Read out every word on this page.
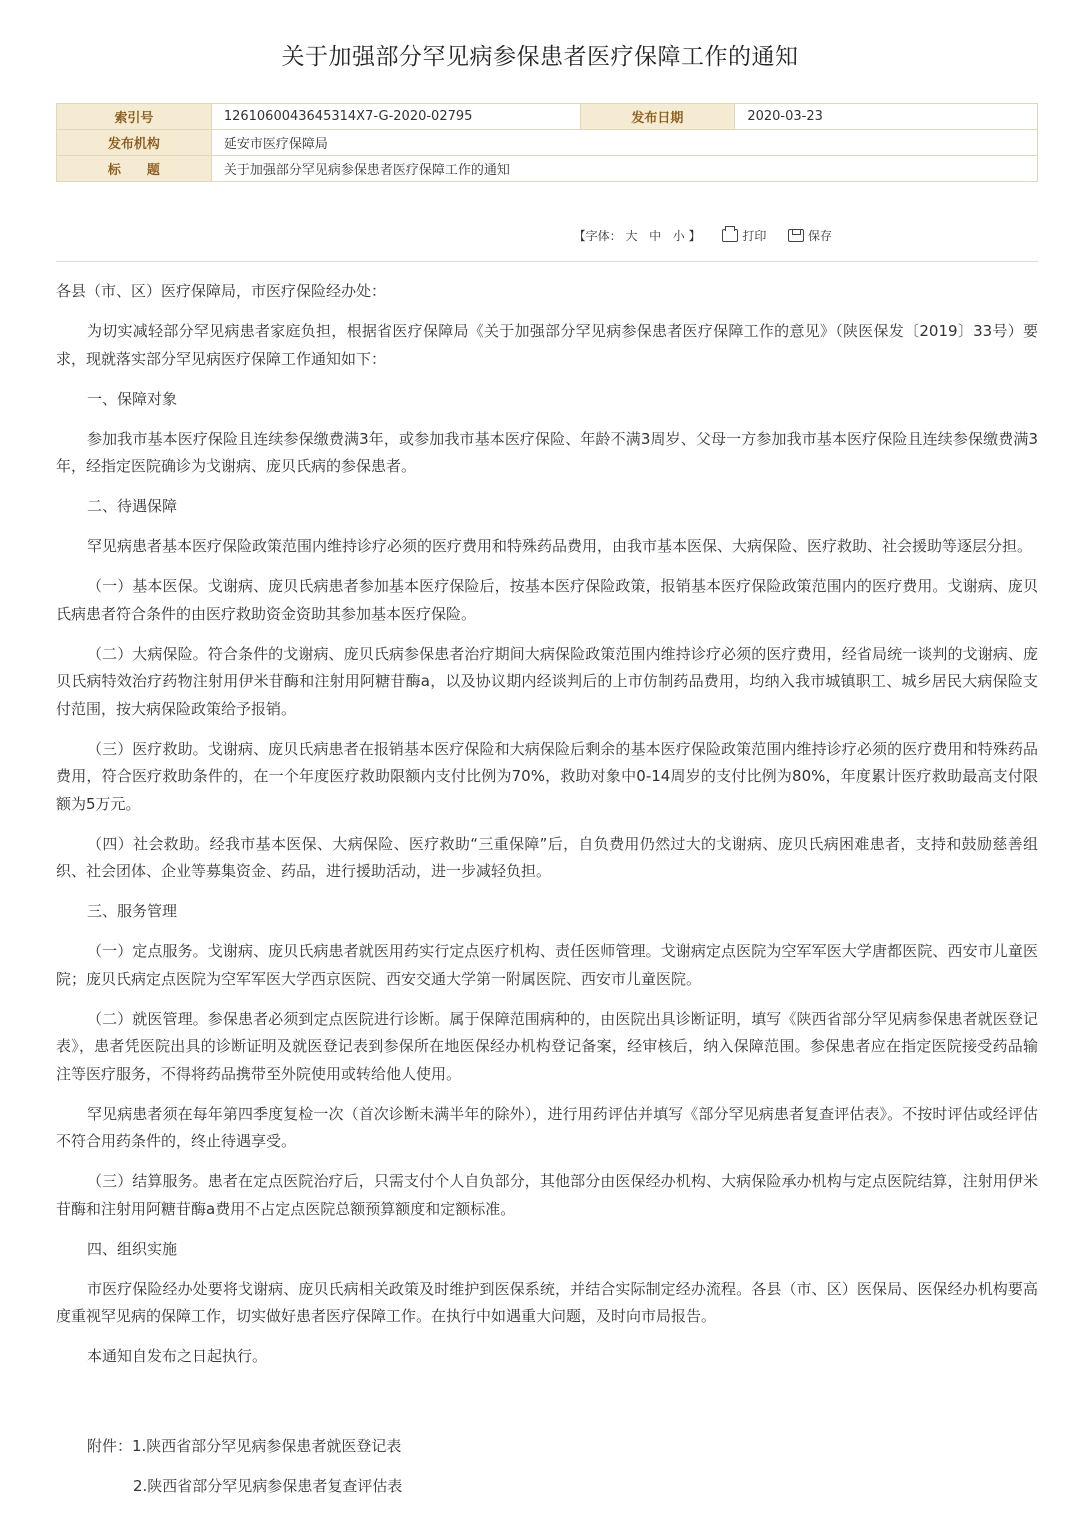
关于加强部分罕见病参保患者医疗保障工作的通知
索引号	1261060043645314X7-G-2020-02795	发布日期	2020-03-23
发布机构	延安市医疗保障局		
标　　题	关于加强部分罕见病参保患者医疗保障工作的通知		
【字体： 大 中 小 】	打印	保存

各县（市、区）医疗保障局，市医疗保险经办处：

为切实减轻部分罕见病患者家庭负担，根据省医疗保障局《关于加强部分罕见病参保患者医疗保障工作的意见》（陕医保发〔2019〕33号）要求，现就落实部分罕见病医疗保障工作通知如下：

一、保障对象

参加我市基本医疗保险且连续参保缴费满3年，或参加我市基本医疗保险、年龄不满3周岁、父母一方参加我市基本医疗保险且连续参保缴费满3年，经指定医院确诊为戈谢病、庞贝氏病的参保患者。

二、待遇保障

罕见病患者基本医疗保险政策范围内维持诊疗必须的医疗费用和特殊药品费用，由我市基本医保、大病保险、医疗救助、社会援助等逐层分担。

（一）基本医保。戈谢病、庞贝氏病患者参加基本医疗保险后，按基本医疗保险政策，报销基本医疗保险政策范围内的医疗费用。戈谢病、庞贝氏病患者符合条件的由医疗救助资金资助其参加基本医疗保险。

（二）大病保险。符合条件的戈谢病、庞贝氏病参保患者治疗期间大病保险政策范围内维持诊疗必须的医疗费用，经省局统一谈判的戈谢病、庞贝氏病特效治疗药物注射用伊米苷酶和注射用阿糖苷酶a，以及协议期内经谈判后的上市仿制药品费用，均纳入我市城镇职工、城乡居民大病保险支付范围，按大病保险政策给予报销。

（三）医疗救助。戈谢病、庞贝氏病患者在报销基本医疗保险和大病保险后剩余的基本医疗保险政策范围内维持诊疗必须的医疗费用和特殊药品费用，符合医疗救助条件的，在一个年度医疗救助限额内支付比例为70%，救助对象中0-14周岁的支付比例为80%，年度累计医疗救助最高支付限额为5万元。

（四）社会救助。经我市基本医保、大病保险、医疗救助“三重保障”后，自负费用仍然过大的戈谢病、庞贝氏病困难患者，支持和鼓励慈善组织、社会团体、企业等募集资金、药品，进行援助活动，进一步减轻负担。

三、服务管理

（一）定点服务。戈谢病、庞贝氏病患者就医用药实行定点医疗机构、责任医师管理。戈谢病定点医院为空军军医大学唐都医院、西安市儿童医院；庞贝氏病定点医院为空军军医大学西京医院、西安交通大学第一附属医院、西安市儿童医院。

（二）就医管理。参保患者必须到定点医院进行诊断。属于保障范围病种的，由医院出具诊断证明，填写《陕西省部分罕见病参保患者就医登记表》，患者凭医院出具的诊断证明及就医登记表到参保所在地医保经办机构登记备案，经审核后，纳入保障范围。参保患者应在指定医院接受药品输注等医疗服务，不得将药品携带至外院使用或转给他人使用。

罕见病患者须在每年第四季度复检一次（首次诊断未满半年的除外），进行用药评估并填写《部分罕见病患者复查评估表》。不按时评估或经评估不符合用药条件的，终止待遇享受。

（三）结算服务。患者在定点医院治疗后，只需支付个人自负部分，其他部分由医保经办机构、大病保险承办机构与定点医院结算，注射用伊米苷酶和注射用阿糖苷酶a费用不占定点医院总额预算额度和定额标准。

四、组织实施

市医疗保险经办处要将戈谢病、庞贝氏病相关政策及时维护到医保系统，并结合实际制定经办流程。各县（市、区）医保局、医保经办机构要高度重视罕见病的保障工作，切实做好患者医疗保障工作。在执行中如遇重大问题，及时向市局报告。

本通知自发布之日起执行。

附件：1.陕西省部分罕见病参保患者就医登记表

2.陕西省部分罕见病参保患者复查评估表
